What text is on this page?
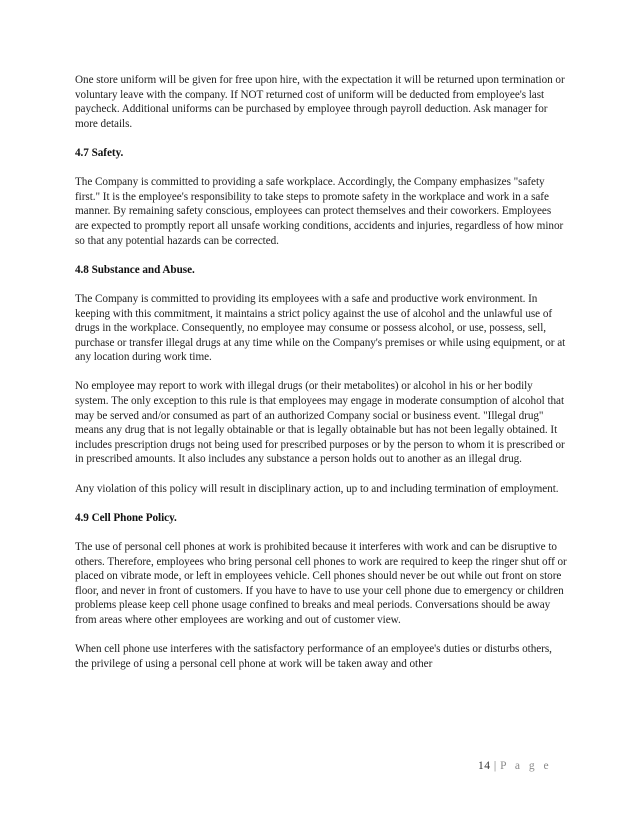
One store uniform will be given for free upon hire, with the expectation it will be returned upon termination or voluntary leave with the company. If NOT returned cost of uniform will be deducted from employee's last paycheck. Additional uniforms can be purchased by employee through payroll deduction. Ask manager for more details.

4.7 Safety.

The Company is committed to providing a safe workplace. Accordingly, the Company emphasizes "safety first." It is the employee's responsibility to take steps to promote safety in the workplace and work in a safe manner. By remaining safety conscious, employees can protect themselves and their coworkers. Employees are expected to promptly report all unsafe working conditions, accidents and injuries, regardless of how minor so that any potential hazards can be corrected.

4.8 Substance and Abuse.

The Company is committed to providing its employees with a safe and productive work environment. In keeping with this commitment, it maintains a strict policy against the use of alcohol and the unlawful use of drugs in the workplace. Consequently, no employee may consume or possess alcohol, or use, possess, sell, purchase or transfer illegal drugs at any time while on the Company's premises or while using equipment, or at any location during work time.

No employee may report to work with illegal drugs (or their metabolites) or alcohol in his or her bodily system. The only exception to this rule is that employees may engage in moderate consumption of alcohol that may be served and/or consumed as part of an authorized Company social or business event. "Illegal drug" means any drug that is not legally obtainable or that is legally obtainable but has not been legally obtained. It includes prescription drugs not being used for prescribed purposes or by the person to whom it is prescribed or in prescribed amounts. It also includes any substance a person holds out to another as an illegal drug.

Any violation of this policy will result in disciplinary action, up to and including termination of employment.

4.9 Cell Phone Policy.

The use of personal cell phones at work is prohibited because it interferes with work and can be disruptive to others. Therefore, employees who bring personal cell phones to work are required to keep the ringer shut off or placed on vibrate mode, or left in employees vehicle. Cell phones should never be out while out front on store floor, and never in front of customers. If you have to have to use your cell phone due to emergency or children problems please keep cell phone usage confined to breaks and meal periods. Conversations should be away from areas where other employees are working and out of customer view.

When cell phone use interferes with the satisfactory performance of an employee's duties or disturbs others, the privilege of using a personal cell phone at work will be taken away and other

14 | P a g e
